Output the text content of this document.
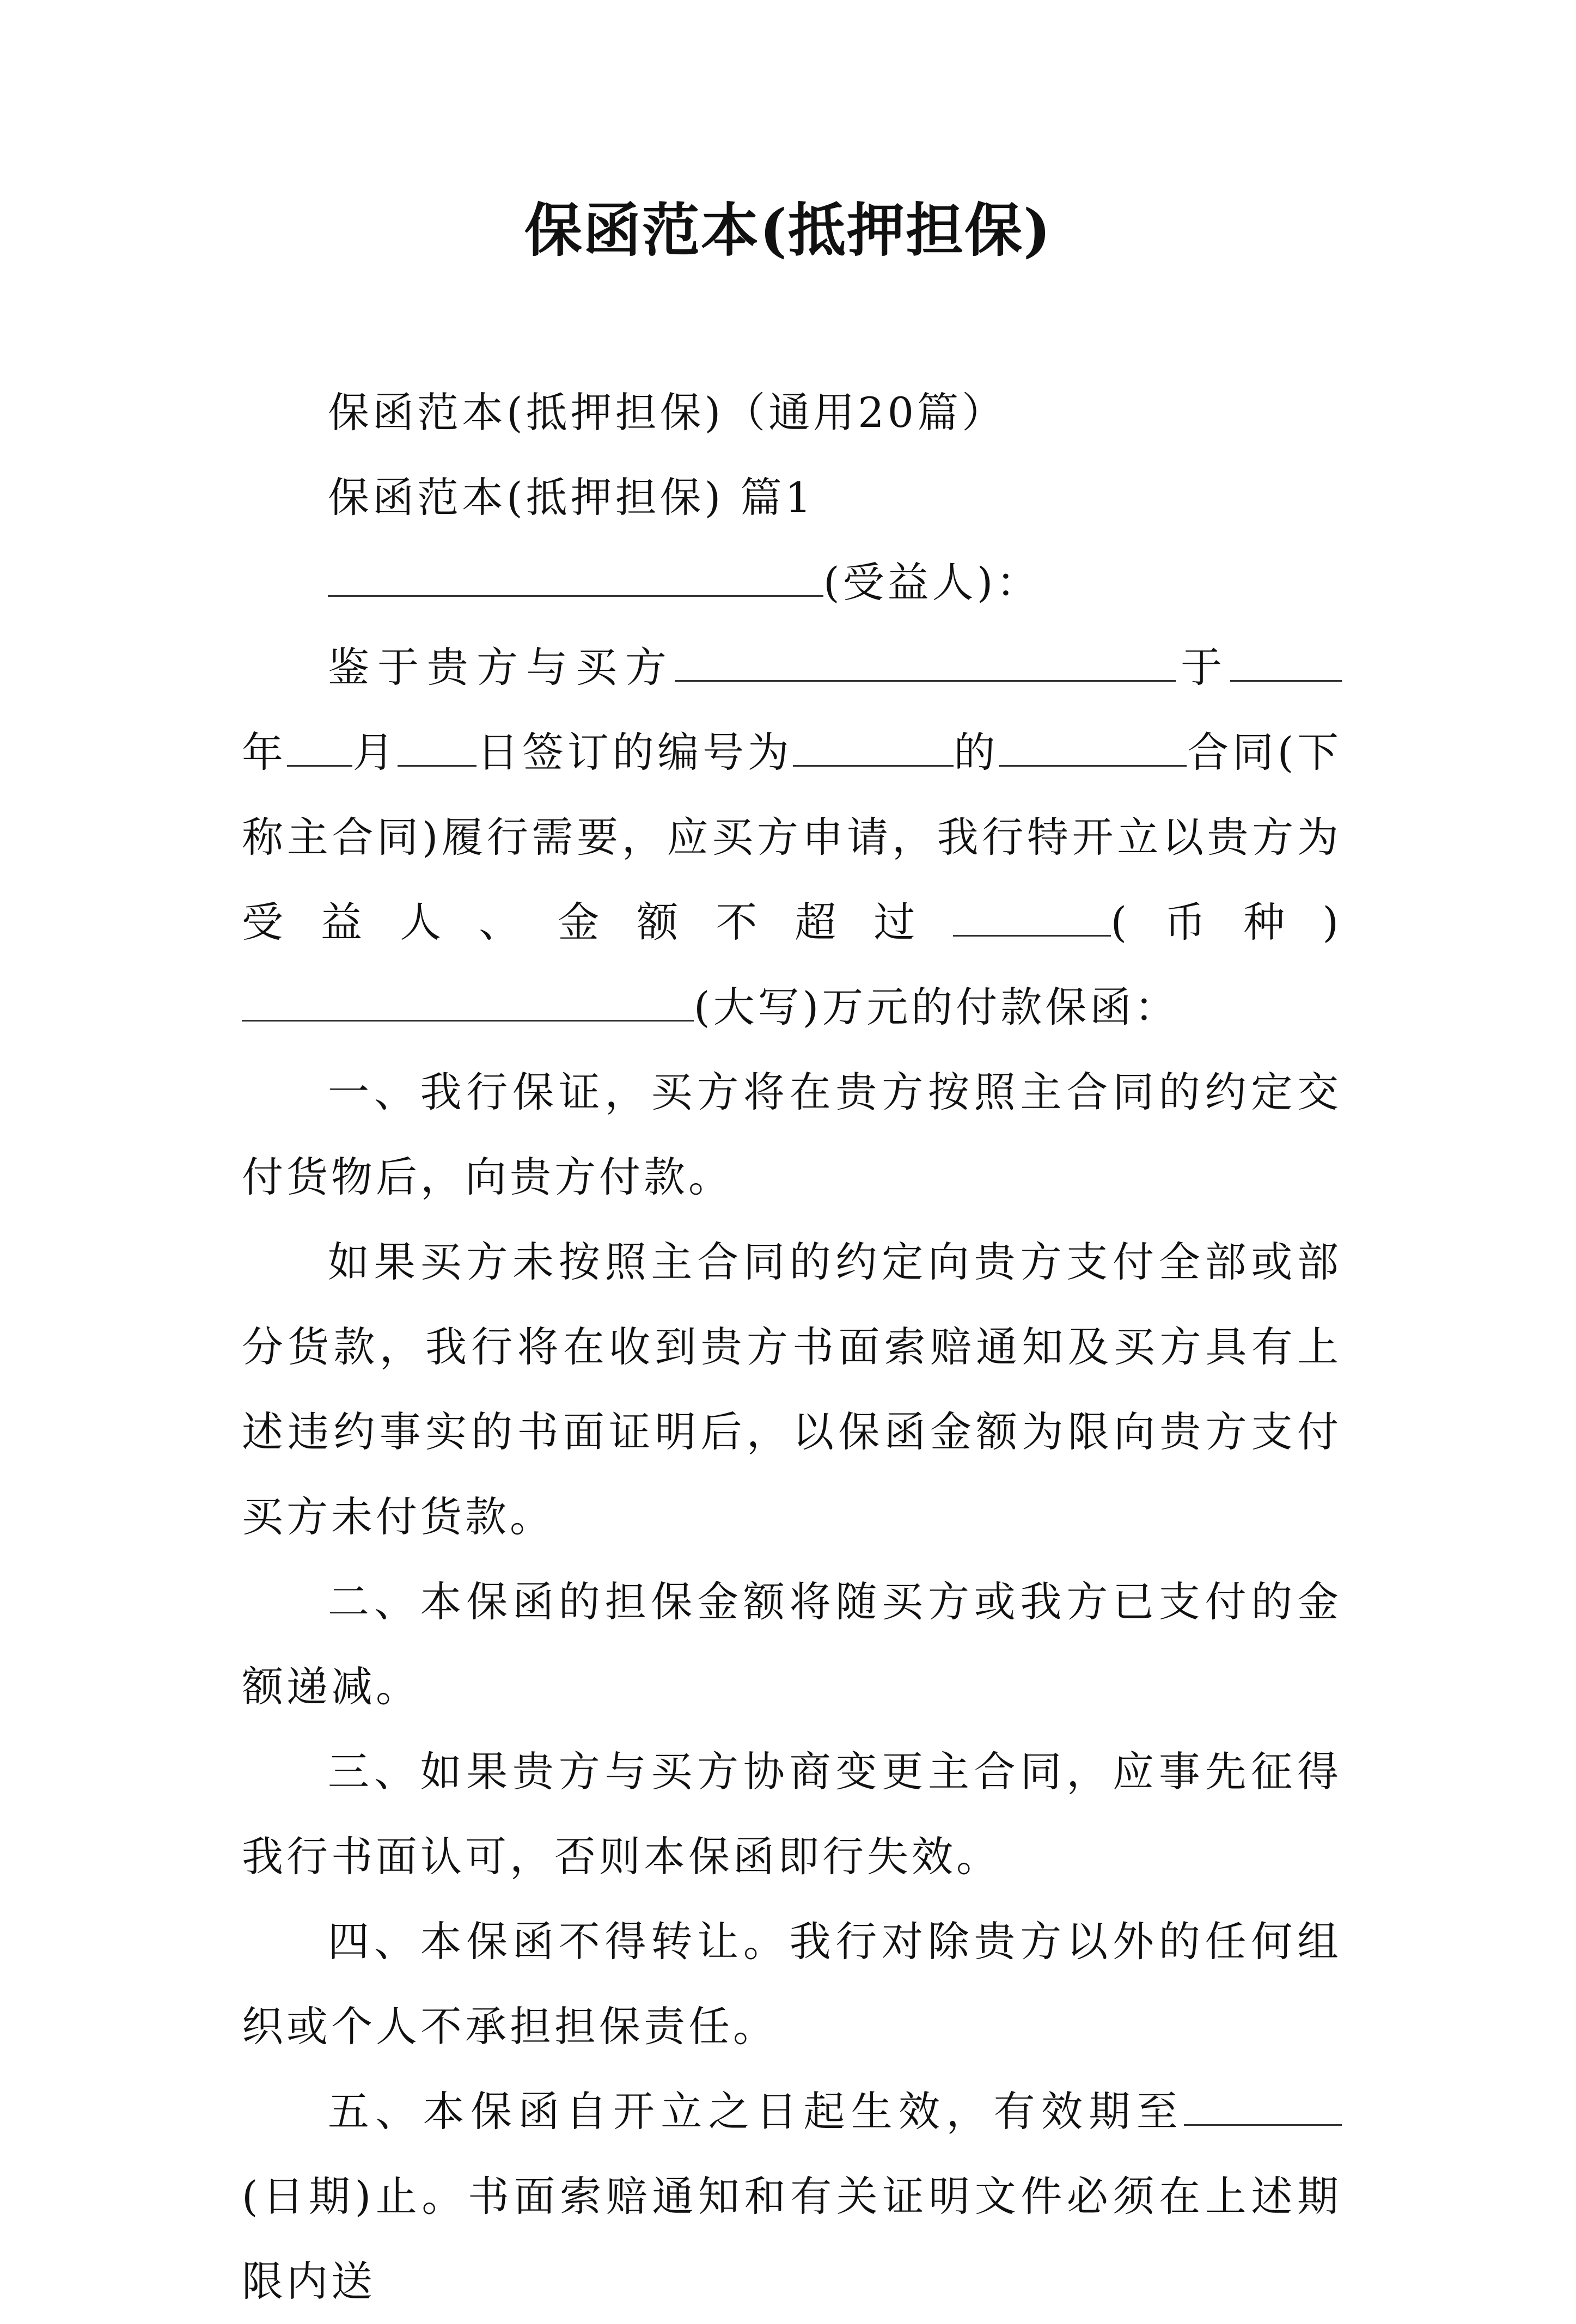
保函范本(抵押担保)

保函范本(抵押担保)（通用20篇）

保函范本(抵押担保) 篇1

(受益人)：

鉴于贵方与买方	于年 月 日签订的编号为	的	合同(下称主合同)履行需要，应买方申请，我行特开立以贵方为受益人、金额不超过	(币种)(大写)万元的付款保函：

一、我行保证，买方将在贵方按照主合同的约定交付货物后，向贵方付款。

如果买方未按照主合同的约定向贵方支付全部或部分货款，我行将在收到贵方书面索赔通知及买方具有上述违约事实的书面证明后，以保函金额为限向贵方支付买方未付货款。

二、本保函的担保金额将随买方或我方已支付的金额递减。

三、如果贵方与买方协商变更主合同，应事先征得我行书面认可，否则本保函即行失效。

四、本保函不得转让。我行对除贵方以外的任何组织或个人不承担担保责任。

五、本保函自开立之日起生效，有效期至(日期)止。书面索赔通知和有关证明文件必须在上述期限内送
